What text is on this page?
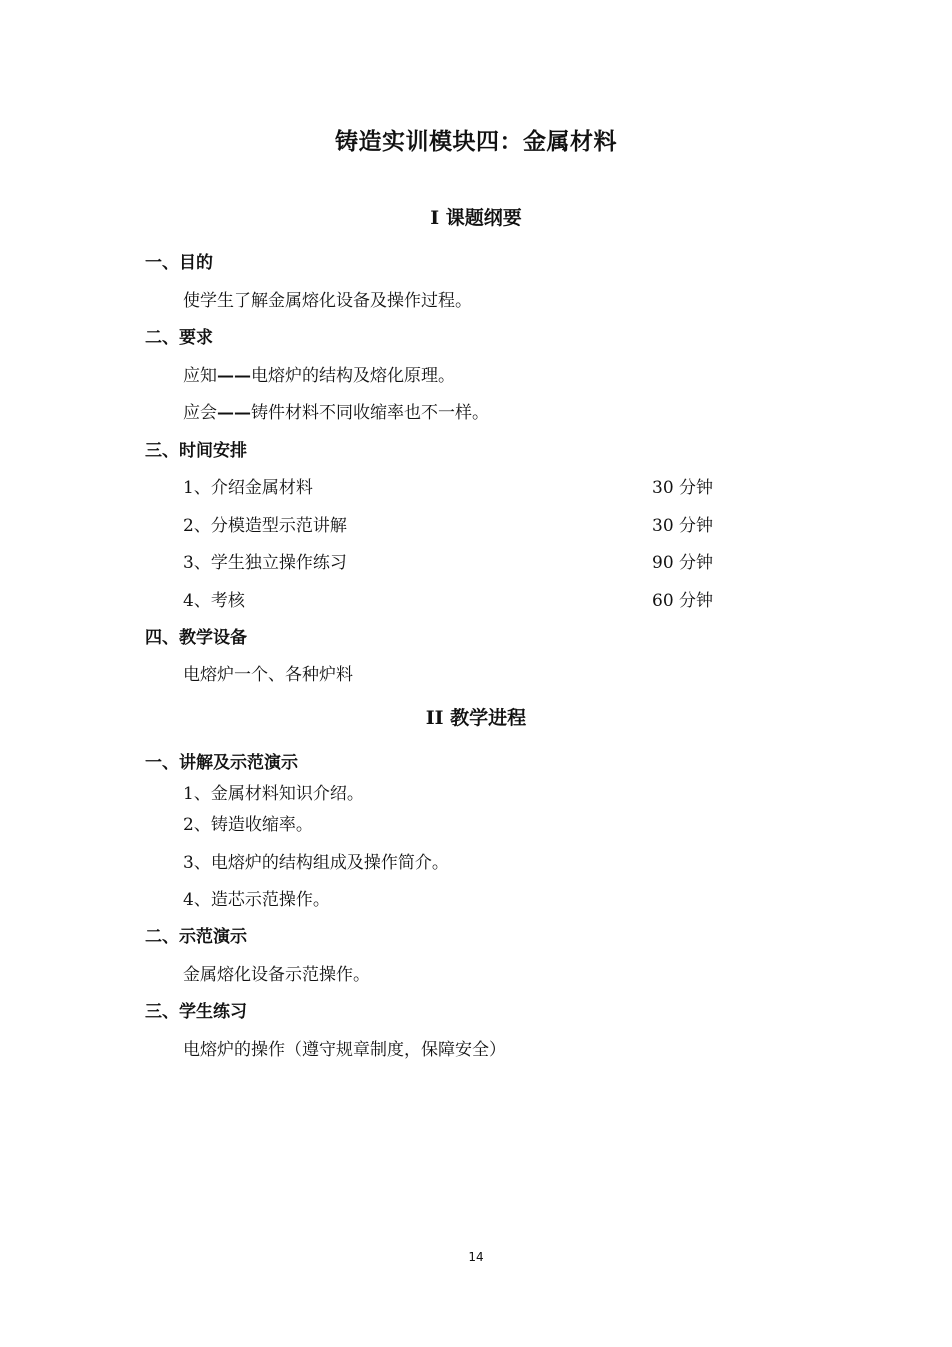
铸造实训模块四：金属材料
I 课题纲要
一、目的
使学生了解金属熔化设备及操作过程。
二、要求
应知——电熔炉的结构及熔化原理。
应会——铸件材料不同收缩率也不一样。
三、时间安排
1、介绍金属材料	30 分钟
2、分模造型示范讲解	30 分钟
3、学生独立操作练习	90 分钟
4、考核	60 分钟
四、教学设备
电熔炉一个、各种炉料
II 教学进程
一、讲解及示范演示
1、金属材料知识介绍。
2、铸造收缩率。
3、电熔炉的结构组成及操作简介。
4、造芯示范操作。
二、示范演示
金属熔化设备示范操作。
三、学生练习
电熔炉的操作（遵守规章制度，保障安全）
14
